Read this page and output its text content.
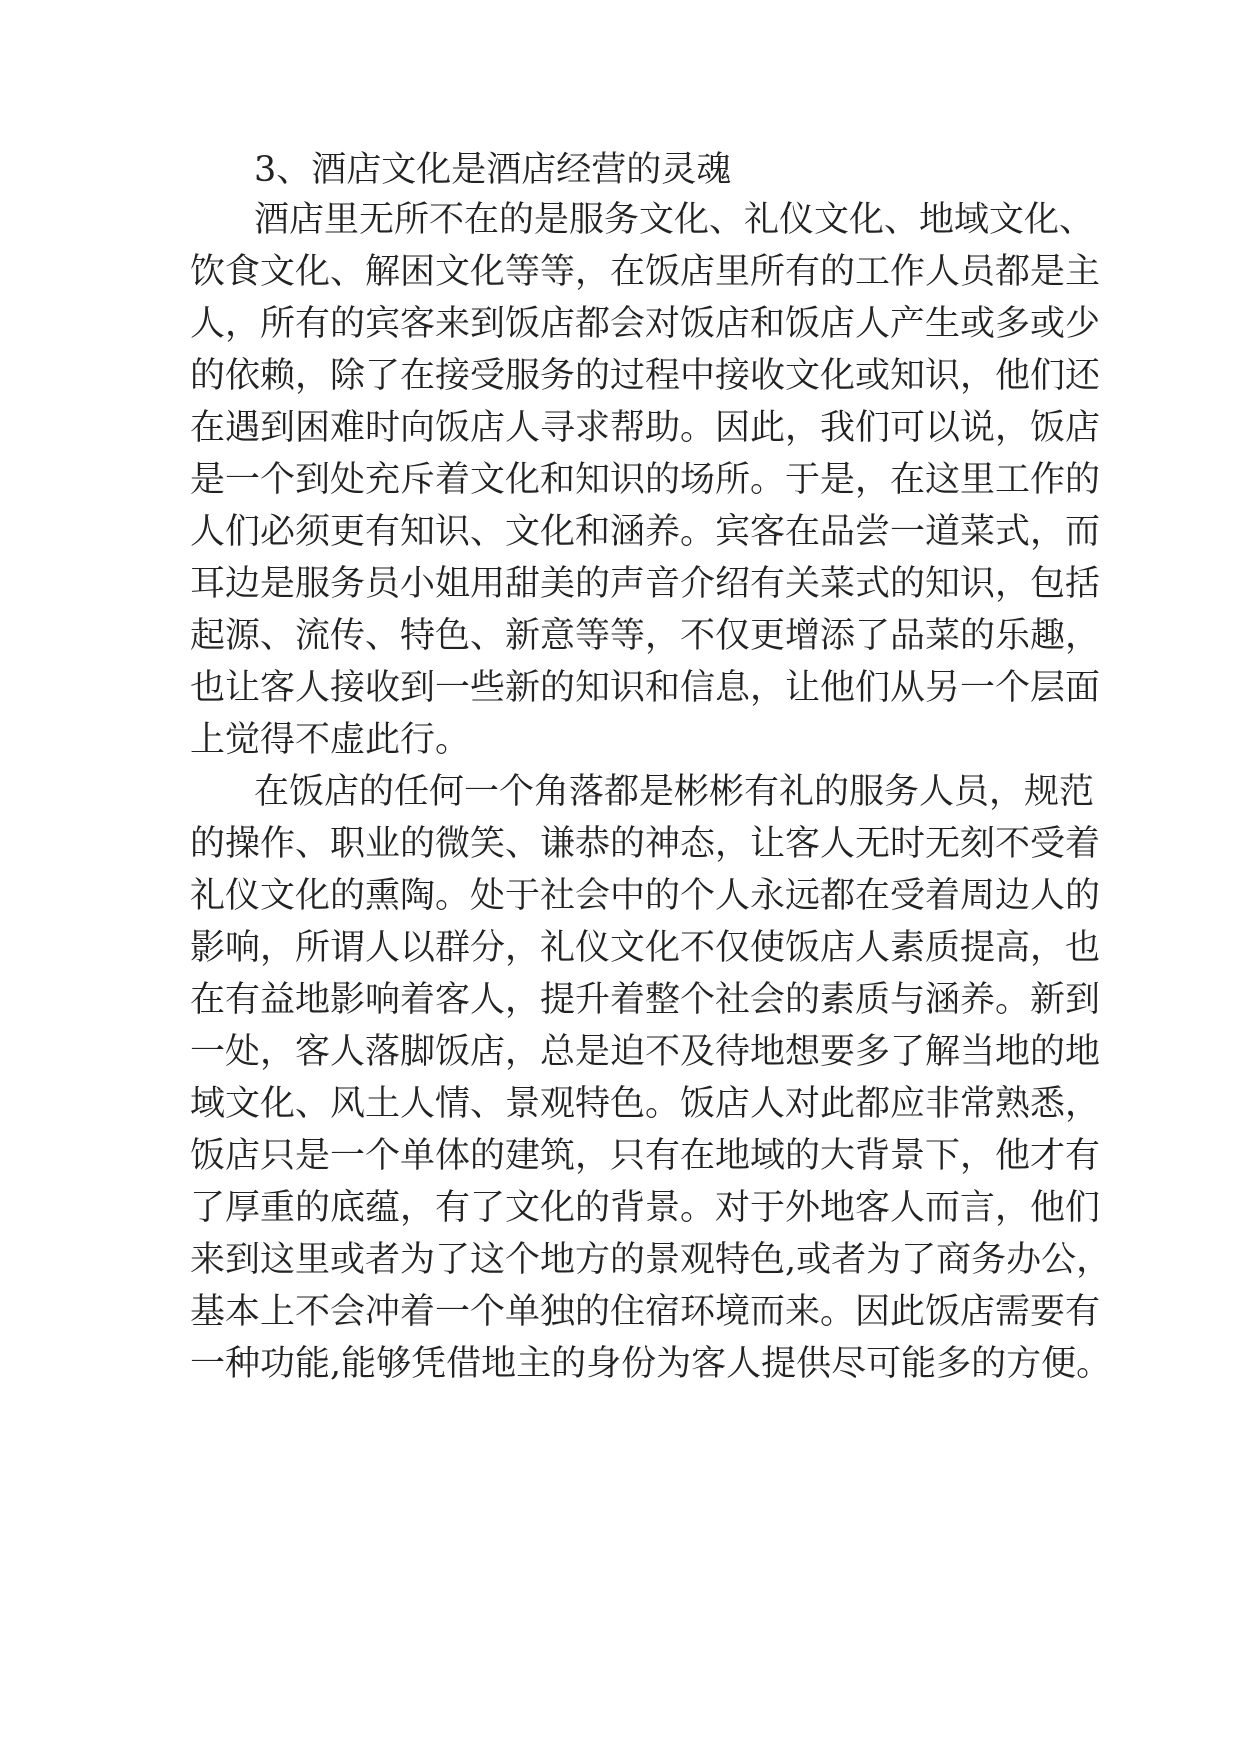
3、酒店文化是酒店经营的灵魂

酒店里无所不在的是服务文化、礼仪文化、地域文化、

饮食文化、解困文化等等，在饭店里所有的工作人员都是主

人，所有的宾客来到饭店都会对饭店和饭店人产生或多或少

的依赖，除了在接受服务的过程中接收文化或知识，他们还

在遇到困难时向饭店人寻求帮助。因此，我们可以说，饭店

是一个到处充斥着文化和知识的场所。于是，在这里工作的

人们必须更有知识、文化和涵养。宾客在品尝一道菜式，而

耳边是服务员小姐用甜美的声音介绍有关菜式的知识，包括

起源、流传、特色、新意等等，不仅更增添了品菜的乐趣，

也让客人接收到一些新的知识和信息，让他们从另一个层面

上觉得不虚此行。

在饭店的任何一个角落都是彬彬有礼的服务人员，规范

的操作、职业的微笑、谦恭的神态，让客人无时无刻不受着

礼仪文化的熏陶。处于社会中的个人永远都在受着周边人的

影响，所谓人以群分，礼仪文化不仅使饭店人素质提高，也

在有益地影响着客人，提升着整个社会的素质与涵养。新到

一处，客人落脚饭店，总是迫不及待地想要多了解当地的地

域文化、风土人情、景观特色。饭店人对此都应非常熟悉，

饭店只是一个单体的建筑，只有在地域的大背景下，他才有

了厚重的底蕴，有了文化的背景。对于外地客人而言，他们

来到这里或者为了这个地方的景观特色,或者为了商务办公，

基本上不会冲着一个单独的住宿环境而来。因此饭店需要有

一种功能,能够凭借地主的身份为客人提供尽可能多的方便。
